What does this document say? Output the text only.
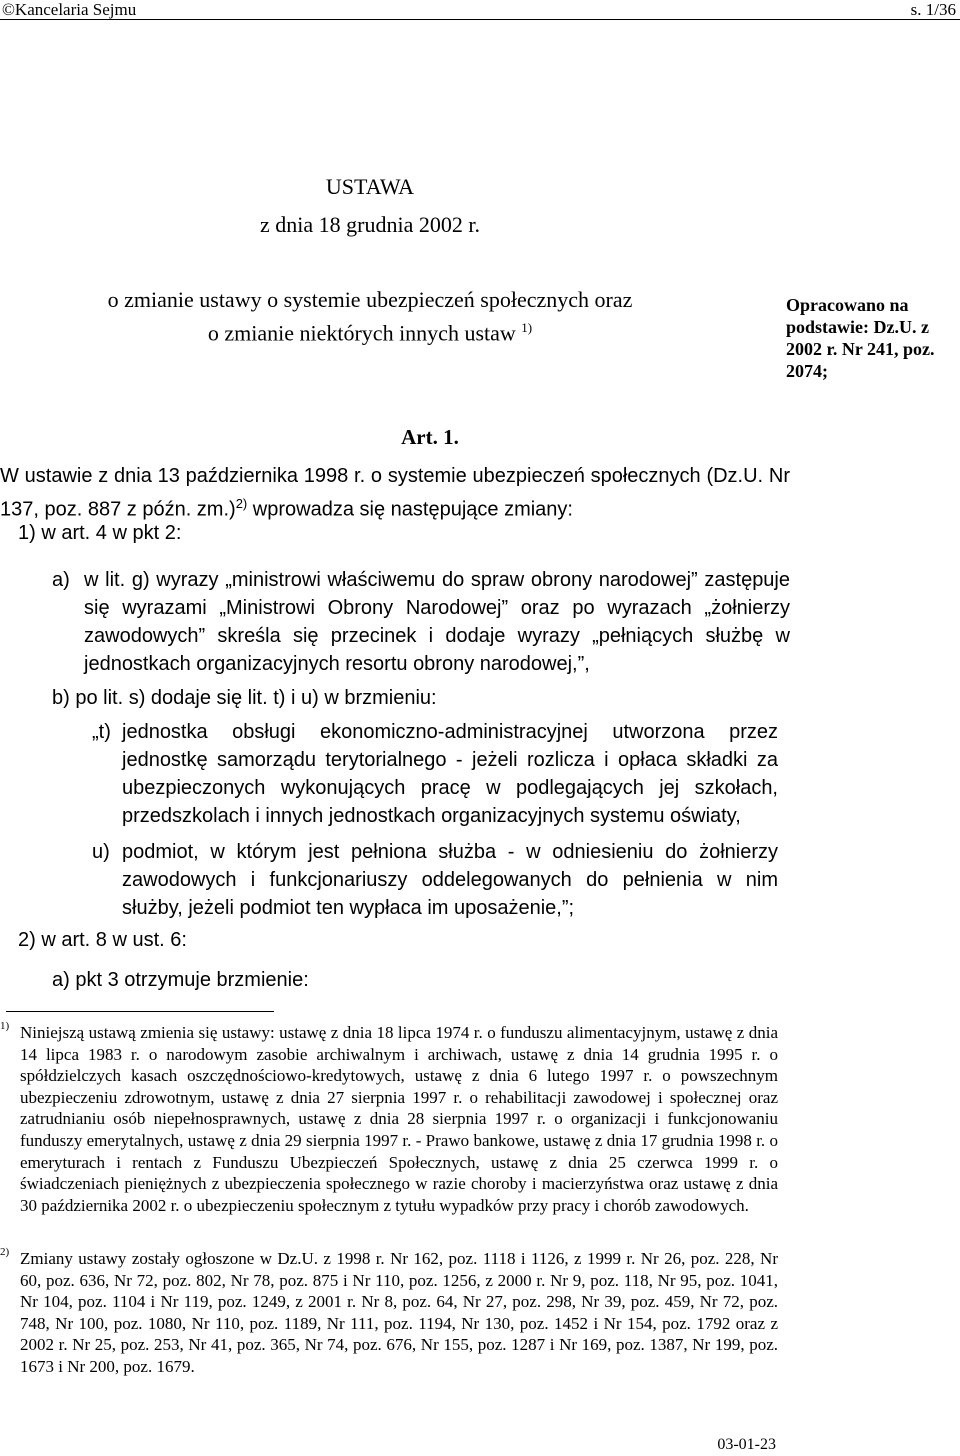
©Kancelaria Sejmu	s. 1/36
USTAWA
z dnia 18 grudnia 2002 r.
o zmianie ustawy o systemie ubezpieczeń społecznych oraz
o zmianie niektórych innych ustaw $^{1)}$
Opracowano na podstawie: Dz.U. z 2002 r. Nr 241, poz. 2074;
Art. 1.

W ustawie z dnia 13 października 1998 r. o systemie ubezpieczeń społecznych (Dz.U. Nr 137, poz. 887 z późn. zm.)$^{2)}$ wprowadza się następujące zmiany:

1) w art. 4 w pkt 2:
a) w lit. g) wyrazy „ministrowi właściwemu do spraw obrony narodowej” zastępuje się wyrazami „Ministrowi Obrony Narodowej” oraz po wyrazach „żołnierzy zawodowych” skreśla się przecinek i dodaje wyrazy „pełniących służbę w jednostkach organizacyjnych resortu obrony narodowej,”,

b) po lit. s) dodaje się lit. t) i u) w brzmieniu:
„t) jednostka obsługi ekonomiczno-administracyjnej utworzona przez jednostkę samorządu terytorialnego - jeżeli rozlicza i opłaca składki za ubezpieczonych wykonujących pracę w podlegających jej szkołach, przedszkolach i innych jednostkach organizacyjnych systemu oświaty,

u) podmiot, w którym jest pełniona służba - w odniesieniu do żołnierzy zawodowych i funkcjonariuszy oddelegowanych do pełnienia w nim służby, jeżeli podmiot ten wypłaca im uposażenie,”;

2) w art. 8 w ust. 6:
a) pkt 3 otrzymuje brzmienie:
1) Niniejszą ustawą zmienia się ustawy: ustawę z dnia 18 lipca 1974 r. o funduszu alimentacyjnym, ustawę z dnia 14 lipca 1983 r. o narodowym zasobie archiwalnym i archiwach, ustawę z dnia 14 grudnia 1995 r. o spółdzielczych kasach oszczędnościowo-kredytowych, ustawę z dnia 6 lutego 1997 r. o powszechnym ubezpieczeniu zdrowotnym, ustawę z dnia 27 sierpnia 1997 r. o rehabilitacji zawodowej i społecznej oraz zatrudnianiu osób niepełnosprawnych, ustawę z dnia 28 sierpnia 1997 r. o organizacji i funkcjonowaniu funduszy emerytalnych, ustawę z dnia 29 sierpnia 1997 r. - Prawo bankowe, ustawę z dnia 17 grudnia 1998 r. o emeryturach i rentach z Funduszu Ubezpieczeń Społecznych, ustawę z dnia 25 czerwca 1999 r. o świadczeniach pieniężnych z ubezpieczenia społecznego w razie choroby i macierzyństwa oraz ustawę z dnia 30 października 2002 r. o ubezpieczeniu społecznym z tytułu wypadków przy pracy i chorób zawodowych.

2) Zmiany ustawy zostały ogłoszone w Dz.U. z 1998 r. Nr 162, poz. 1118 i 1126, z 1999 r. Nr 26, poz. 228, Nr 60, poz. 636, Nr 72, poz. 802, Nr 78, poz. 875 i Nr 110, poz. 1256, z 2000 r. Nr 9, poz. 118, Nr 95, poz. 1041, Nr 104, poz. 1104 i Nr 119, poz. 1249, z 2001 r. Nr 8, poz. 64, Nr 27, poz. 298, Nr 39, poz. 459, Nr 72, poz. 748, Nr 100, poz. 1080, Nr 110, poz. 1189, Nr 111, poz. 1194, Nr 130, poz. 1452 i Nr 154, poz. 1792 oraz z 2002 r. Nr 25, poz. 253, Nr 41, poz. 365, Nr 74, poz. 676, Nr 155, poz. 1287 i Nr 169, poz. 1387, Nr 199, poz. 1673 i Nr 200, poz. 1679.

03-01-23
